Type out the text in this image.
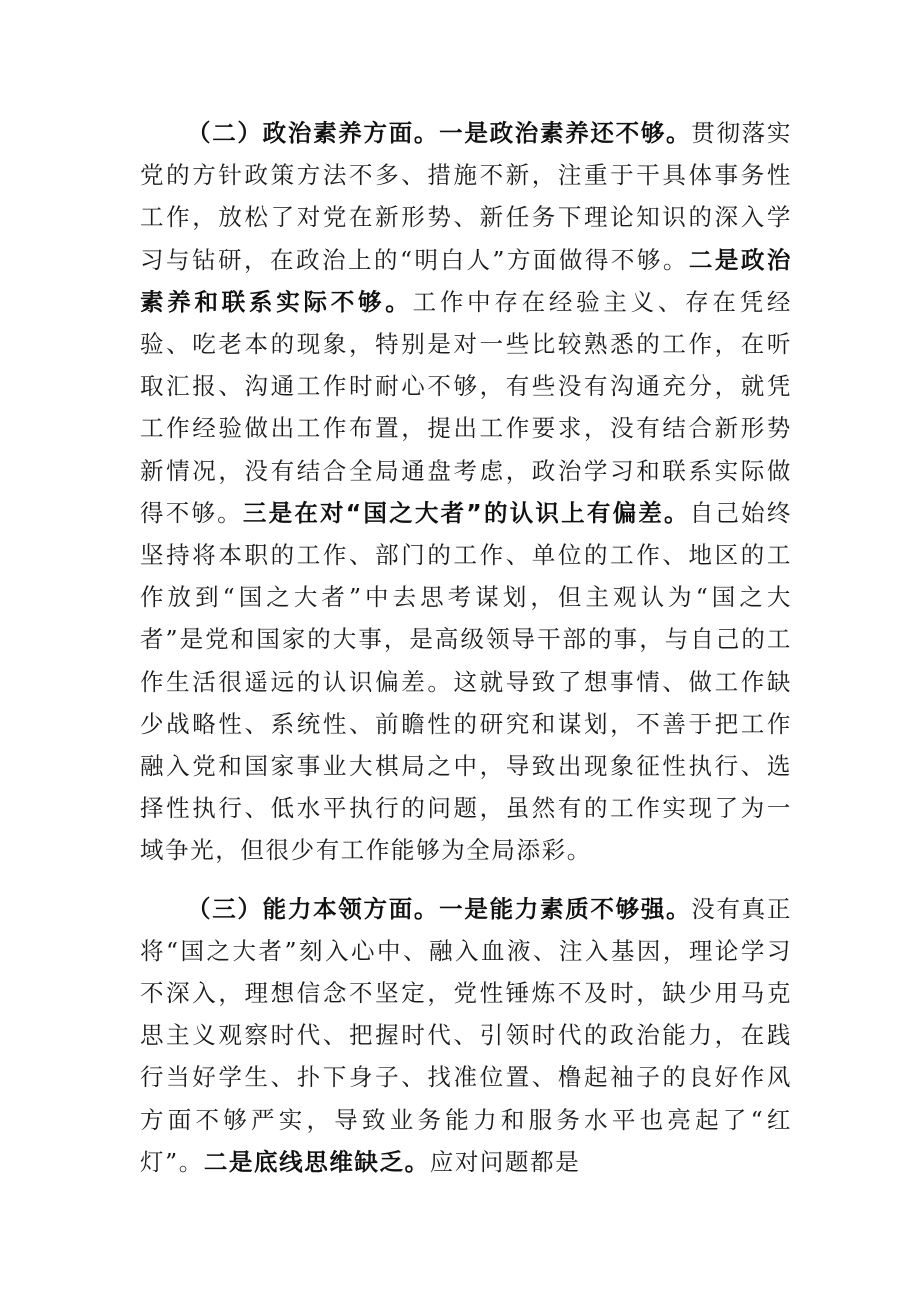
（二）政治素养方面。一是政治素养还不够。贯彻落实党的方针政策方法不多、措施不新，注重于干具体事务性工作，放松了对党在新形势、新任务下理论知识的深入学习与钻研，在政治上的“明白人”方面做得不够。二是政治素养和联系实际不够。工作中存在经验主义、存在凭经验、吃老本的现象，特别是对一些比较熟悉的工作，在听取汇报、沟通工作时耐心不够，有些没有沟通充分，就凭工作经验做出工作布置，提出工作要求，没有结合新形势新情况，没有结合全局通盘考虑，政治学习和联系实际做得不够。三是在对“国之大者”的认识上有偏差。自己始终坚持将本职的工作、部门的工作、单位的工作、地区的工作放到“国之大者”中去思考谋划，但主观认为“国之大者”是党和国家的大事，是高级领导干部的事，与自己的工作生活很遥远的认识偏差。这就导致了想事情、做工作缺少战略性、系统性、前瞻性的研究和谋划，不善于把工作融入党和国家事业大棋局之中，导致出现象征性执行、选择性执行、低水平执行的问题，虽然有的工作实现了为一域争光，但很少有工作能够为全局添彩。

（三）能力本领方面。一是能力素质不够强。没有真正将“国之大者”刻入心中、融入血液、注入基因，理论学习不深入，理想信念不坚定，党性锤炼不及时，缺少用马克思主义观察时代、把握时代、引领时代的政治能力，在践行当好学生、扑下身子、找准位置、橹起袖子的良好作风方面不够严实，导致业务能力和服务水平也亮起了“红灯”。二是底线思维缺乏。应对问题都是
